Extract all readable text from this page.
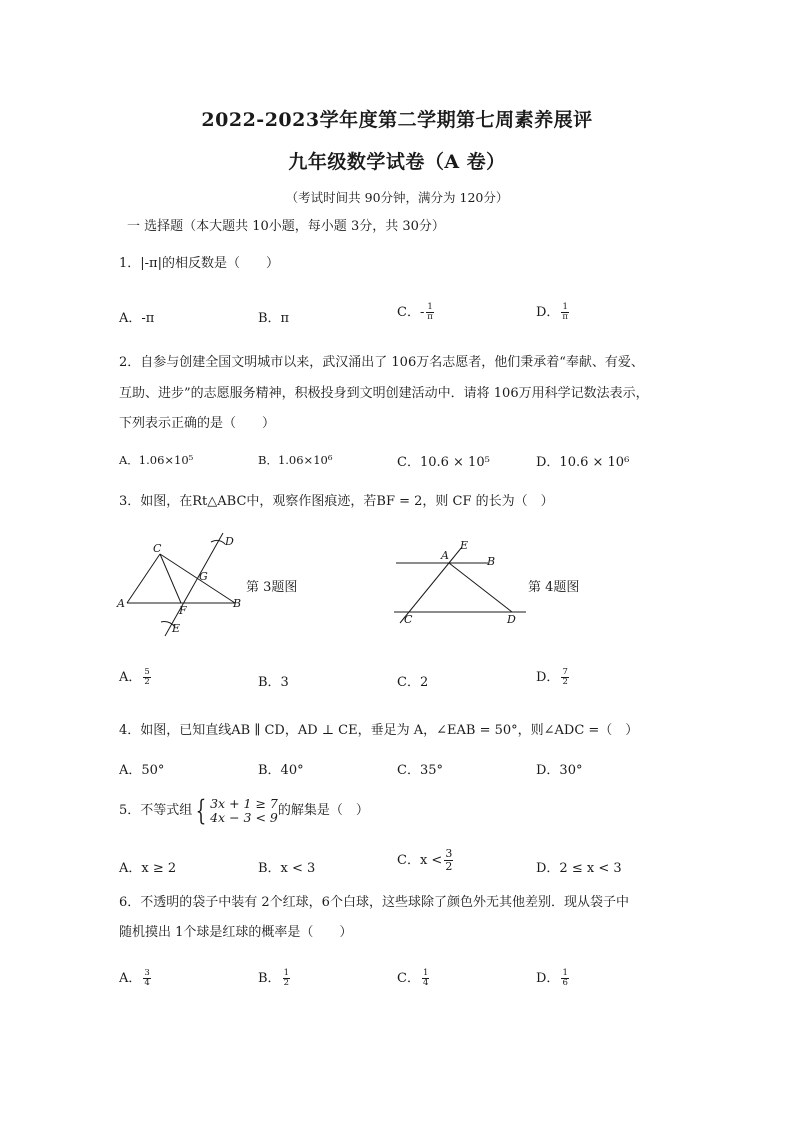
2022-2023学年度第二学期第七周素养展评
九年级数学试卷（A 卷）
（考试时间共 90分钟，满分为 120分）
一 选择题（本大题共 10小题，每小题 3分，共 30分）
1．|-π|的相反数是（　　）
A．-π	B．π	C．- $\frac{1}{\pi}$	D． $\frac{1}{\pi}$
2．自参与创建全国文明城市以来，武汉涌出了 106万名志愿者，他们秉承着“奉献、有爱、
互助、进步”的志愿服务精神，积极投身到文明创建活动中．请将 106万用科学记数法表示，
下列表示正确的是（　　）
A．1.06×10⁵	B．1.06×10⁶	C．10.6 × 10⁵	D．10.6 × 10⁶
3．如图，在Rt△ABC中，观察作图痕迹，若BF = 2，则 CF 的长为（　）
C
D
G
A
F
B
E
第 3题图
A
E
B
C	D
第 4题图
A． $\frac{5}{2}$	B．3	C．2	D． $\frac{7}{2}$
4．如图，已知直线AB ∥ CD，AD ⊥ CE，垂足为 A，∠EAB = 50°，则∠ADC =（　）
A．50°	B．40°	C．35°	D．30°
5．不等式组 { 3x + 1 ≥ 7
4x − 3 < 9 的解集是（　）
A．x ≥ 2	B．x < 3
C．$x < \frac{3}{2}$	D．2 ≤ x < 3
6．不透明的袋子中装有 2个红球，6个白球，这些球除了颜色外无其他差别．现从袋子中
随机摸出 1个球是红球的概率是（　　）
A． $\frac{3}{4}$	B． $\frac{1}{2}$	C． $\frac{1}{4}$	D． $\frac{1}{6}$
